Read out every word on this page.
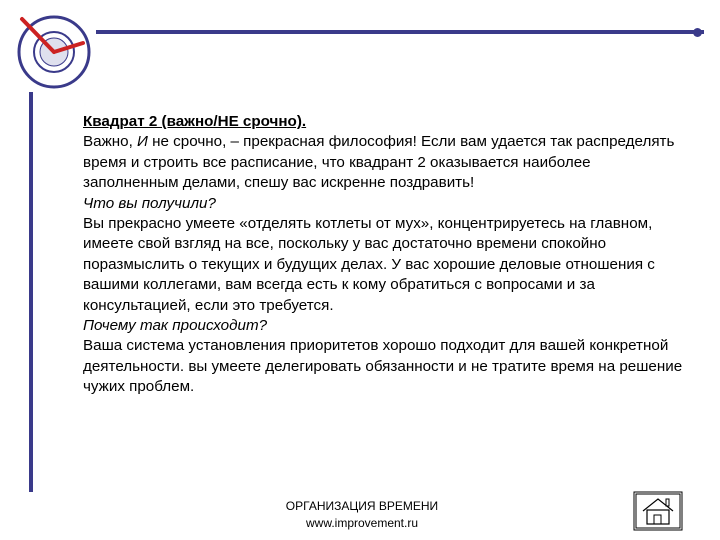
Квадрат 2 (важно/НЕ срочно).

Важно, И не срочно, – прекрасная философия! Если вам удается так распределять время и строить все расписание, что квадрант 2 оказывается наиболее заполненным делами, спешу вас искренне поздравить!

Что вы получили?

Вы прекрасно умеете «отделять котлеты от мух», концентрируетесь на главном, имеете свой взгляд на все, поскольку у вас достаточно времени спокойно поразмыслить о текущих и будущих делах. У вас хорошие деловые отношения с вашими коллегами, вам всегда есть к кому обратиться с вопросами и за консультацией, если это требуется.

Почему так происходит?

Ваша система установления приоритетов хорошо подходит для вашей конкретной деятельности. вы умеете делегировать обязанности и не тратите время на решение чужих проблем.

ОРГАНИЗАЦИЯ ВРЕМЕНИ
www.improvement.ru
